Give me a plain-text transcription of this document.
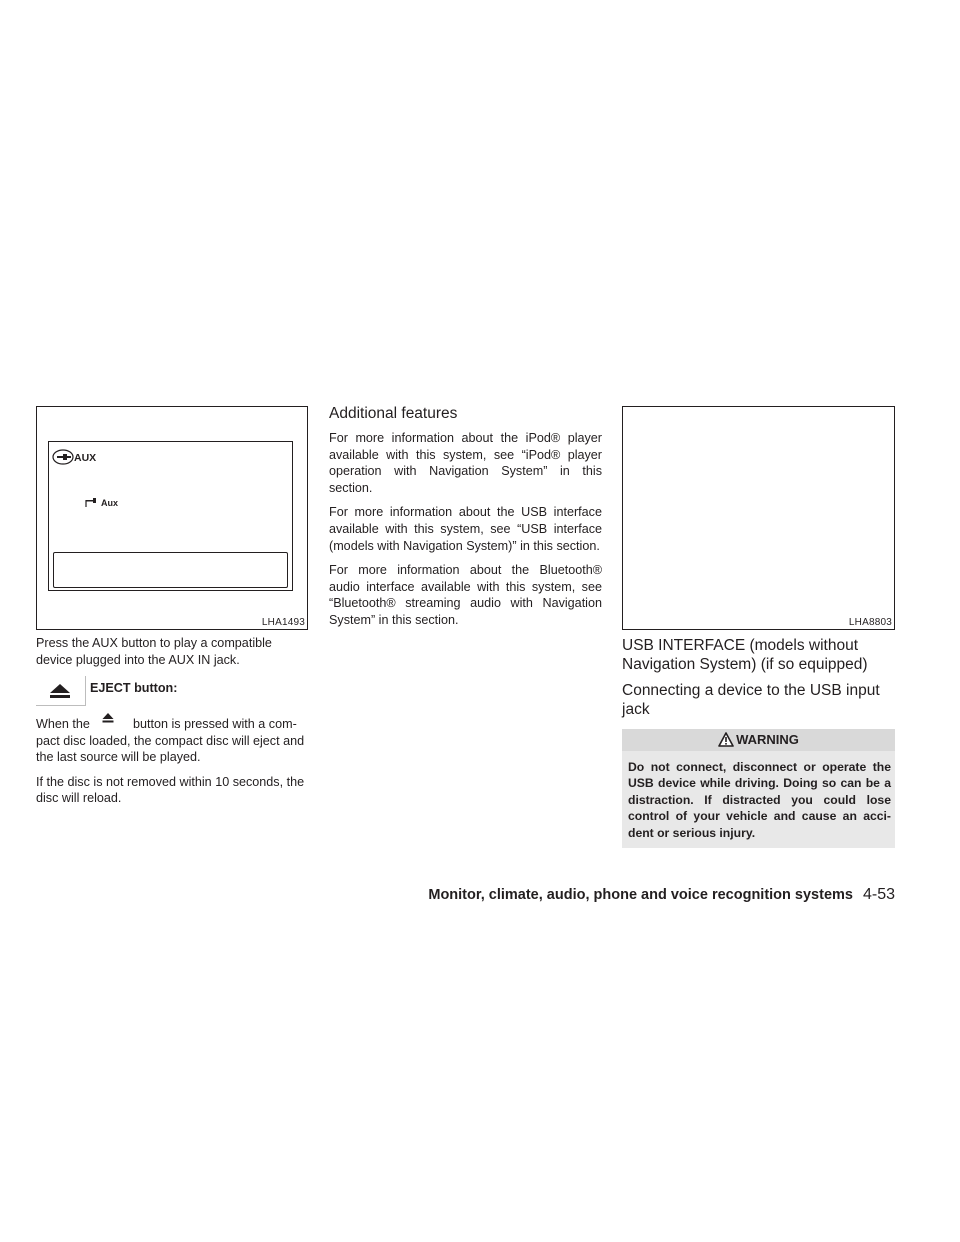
AUX
Aux
LHA1493
Press the AUX button to play a compatible device plugged into the AUX IN jack.
EJECT button:
When the	button is pressed with a com-
pact disc loaded, the compact disc will eject and
the last source will be played.

If the disc is not removed within 10 seconds, the disc will reload.

Additional features

For more information about the iPod® player available with this system, see “iPod® player operation with Navigation System” in this section.

For more information about the USB interface available with this system, see “USB interface (models with Navigation System)” in this section.

For more information about the Bluetooth® audio interface available with this system, see “Bluetooth® streaming audio with Navigation System” in this section.	LHA8803
USB INTERFACE (models without Navigation System) (if so equipped)
Connecting a device to the USB input jack
WARNING
Do not connect, disconnect or operate the USB device while driving. Doing so can be a distraction. If distracted you could lose control of your vehicle and cause an acci- dent or serious injury.
Monitor, climate, audio, phone and voice recognition systems 4-53
